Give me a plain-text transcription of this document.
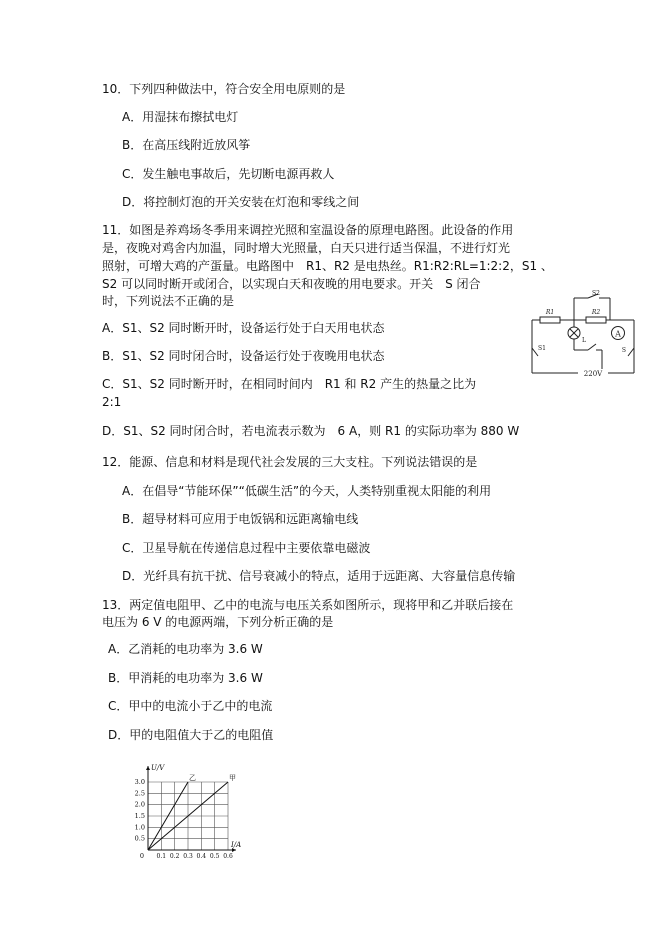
10．下列四种做法中，符合安全用电原则的是
A．用湿抹布擦拭电灯
B．在高压线附近放风筝
C．发生触电事故后，先切断电源再救人
D．将控制灯泡的开关安装在灯泡和零线之间
11．如图是养鸡场冬季用来调控光照和室温设备的原理电路图。此设备的作用
是，夜晚对鸡舍内加温，同时增大光照量，白天只进行适当保温，不进行灯光
照射，可增大鸡的产蛋量。电路图中　R1、R2 是电热丝。R1:R2:RL=1:2:2，S1 、
S2 可以同时断开或闭合，以实现白天和夜晚的用电要求。开关　S 闭合
时，下列说法不正确的是
A．S1、S2 同时断开时，设备运行处于白天用电状态
B．S1、S2 同时闭合时，设备运行处于夜晚用电状态
C．S1、S2 同时断开时，在相同时间内　R1 和 R2 产生的热量之比为
2:1
D．S1、S2 同时闭合时，若电流表示数为　6 A，则 R1 的实际功率为 880 W
A
R1	R2
S2
S1
L
S
220V
12．能源、信息和材料是现代社会发展的三大支柱。下列说法错误的是
A．在倡导“节能环保”“低碳生活”的今天，人类特别重视太阳能的利用
B．超导材料可应用于电饭锅和远距离输电线
C．卫星导航在传递信息过程中主要依靠电磁波
D．光纤具有抗干扰、信号衰减小的特点，适用于远距离、大容量信息传输
13．两定值电阻甲、乙中的电流与电压关系如图所示，现将甲和乙并联后接在
电压为 6 V 的电源两端，下列分析正确的是
A．乙消耗的电功率为 3.6 W
B．甲消耗的电功率为 3.6 W
C．甲中的电流小于乙中的电流
D．甲的电阻值大于乙的电阻值
乙	甲
0.1 0.2 0.3 0.4 0.5 0.6
0.5
1.0
1.5
2.0
2.5
3.0
0
I/A
U/V
